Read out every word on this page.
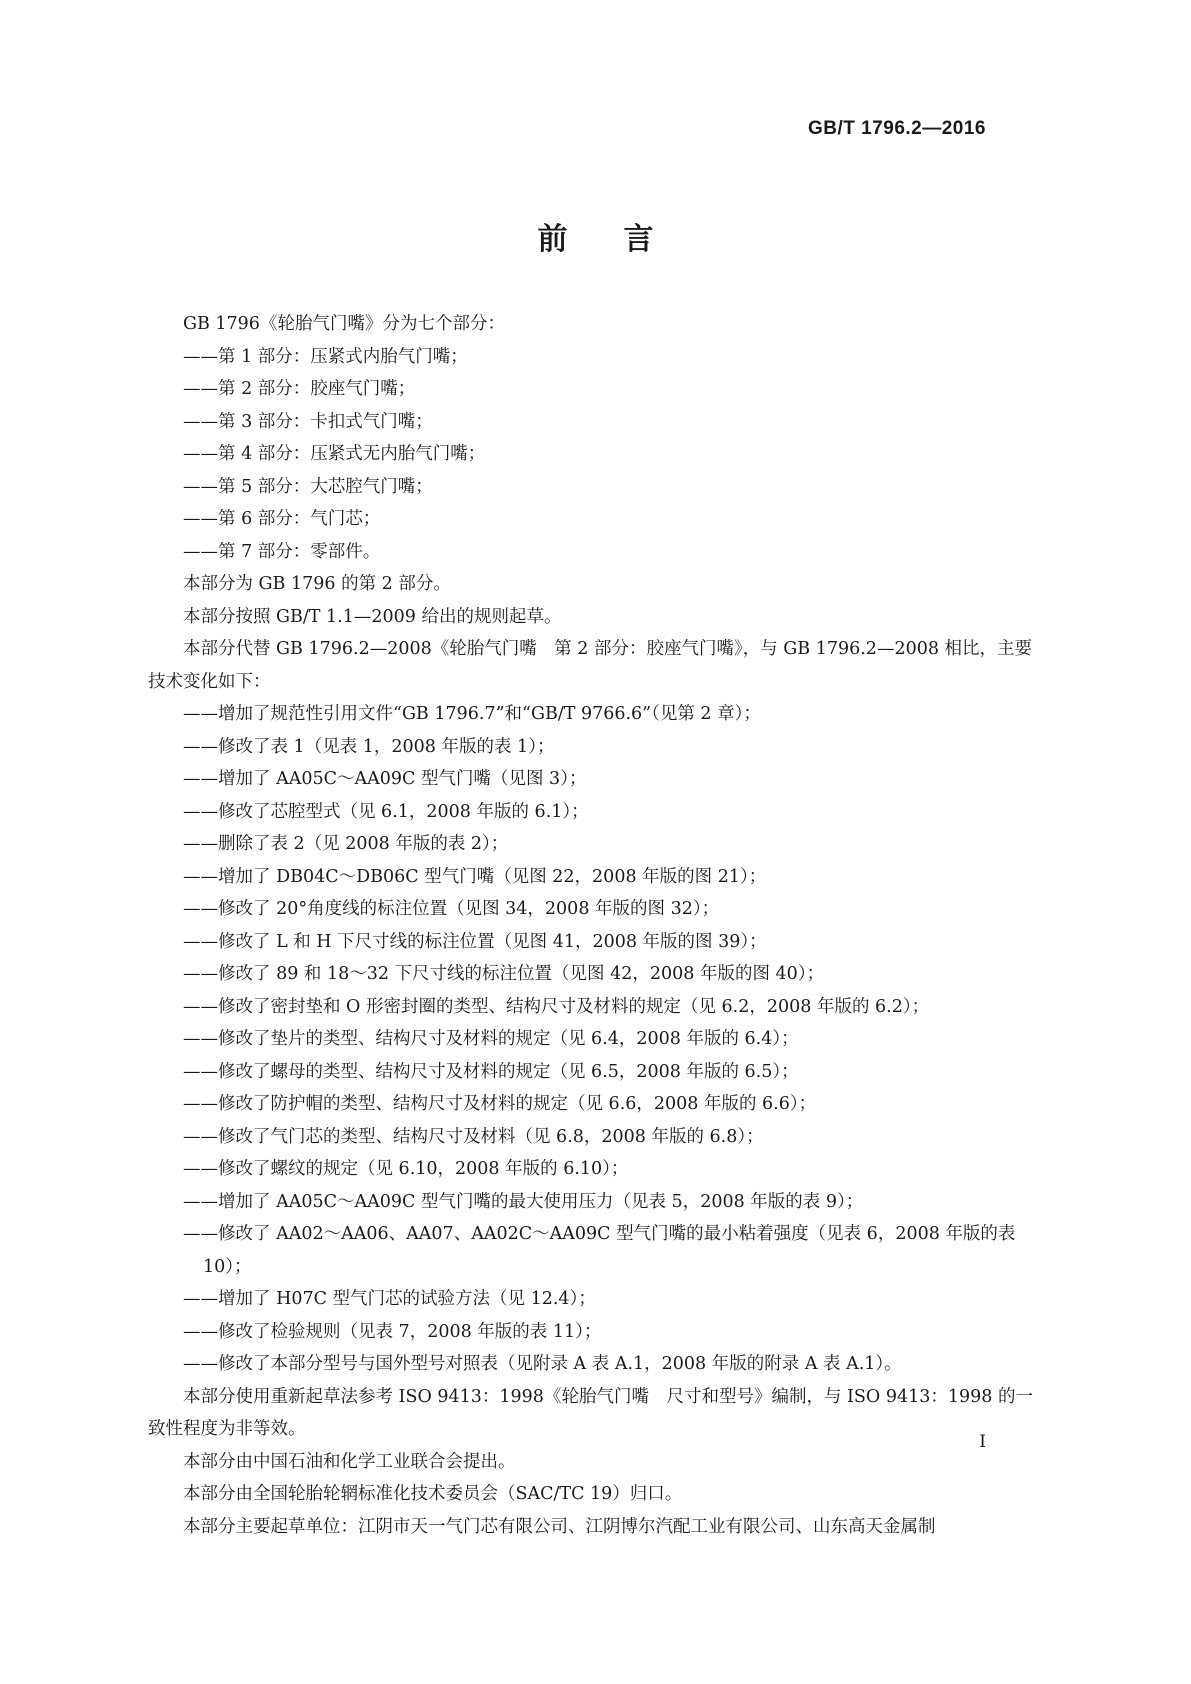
GB/T 1796.2—2016
前言

GB 1796《轮胎气门嘴》分为七个部分：

——第 1 部分：压紧式内胎气门嘴；

——第 2 部分：胶座气门嘴；

——第 3 部分：卡扣式气门嘴；

——第 4 部分：压紧式无内胎气门嘴；

——第 5 部分：大芯腔气门嘴；

——第 6 部分：气门芯；

——第 7 部分：零部件。

本部分为 GB 1796 的第 2 部分。

本部分按照 GB/T 1.1—2009 给出的规则起草。

本部分代替 GB 1796.2—2008《轮胎气门嘴　第 2 部分：胶座气门嘴》，与 GB 1796.2—2008 相比，主要技术变化如下：

——增加了规范性引用文件“GB 1796.7”和“GB/T 9766.6”（见第 2 章）；

——修改了表 1（见表 1，2008 年版的表 1）；

——增加了 AA05C～AA09C 型气门嘴（见图 3）；

——修改了芯腔型式（见 6.1，2008 年版的 6.1）；

——删除了表 2（见 2008 年版的表 2）；

——增加了 DB04C～DB06C 型气门嘴（见图 22，2008 年版的图 21）；

——修改了 20°角度线的标注位置（见图 34，2008 年版的图 32）；

——修改了 L 和 H 下尺寸线的标注位置（见图 41，2008 年版的图 39）；

——修改了 89 和 18～32 下尺寸线的标注位置（见图 42，2008 年版的图 40）；

——修改了密封垫和 O 形密封圈的类型、结构尺寸及材料的规定（见 6.2，2008 年版的 6.2）；

——修改了垫片的类型、结构尺寸及材料的规定（见 6.4，2008 年版的 6.4）；

——修改了螺母的类型、结构尺寸及材料的规定（见 6.5，2008 年版的 6.5）；

——修改了防护帽的类型、结构尺寸及材料的规定（见 6.6，2008 年版的 6.6）；

——修改了气门芯的类型、结构尺寸及材料（见 6.8，2008 年版的 6.8）；

——修改了螺纹的规定（见 6.10，2008 年版的 6.10）；

——增加了 AA05C～AA09C 型气门嘴的最大使用压力（见表 5，2008 年版的表 9）；

——修改了 AA02～AA06、AA07、AA02C～AA09C 型气门嘴的最小粘着强度（见表 6，2008 年版的表 10）；

——增加了 H07C 型气门芯的试验方法（见 12.4）；

——修改了检验规则（见表 7，2008 年版的表 11）；

——修改了本部分型号与国外型号对照表（见附录 A 表 A.1，2008 年版的附录 A 表 A.1）。

本部分使用重新起草法参考 ISO 9413：1998《轮胎气门嘴　尺寸和型号》编制，与 ISO 9413：1998 的一致性程度为非等效。

本部分由中国石油和化学工业联合会提出。

本部分由全国轮胎轮辋标准化技术委员会（SAC/TC 19）归口。

本部分主要起草单位：江阴市天一气门芯有限公司、江阴博尔汽配工业有限公司、山东高天金属制

Ⅰ
